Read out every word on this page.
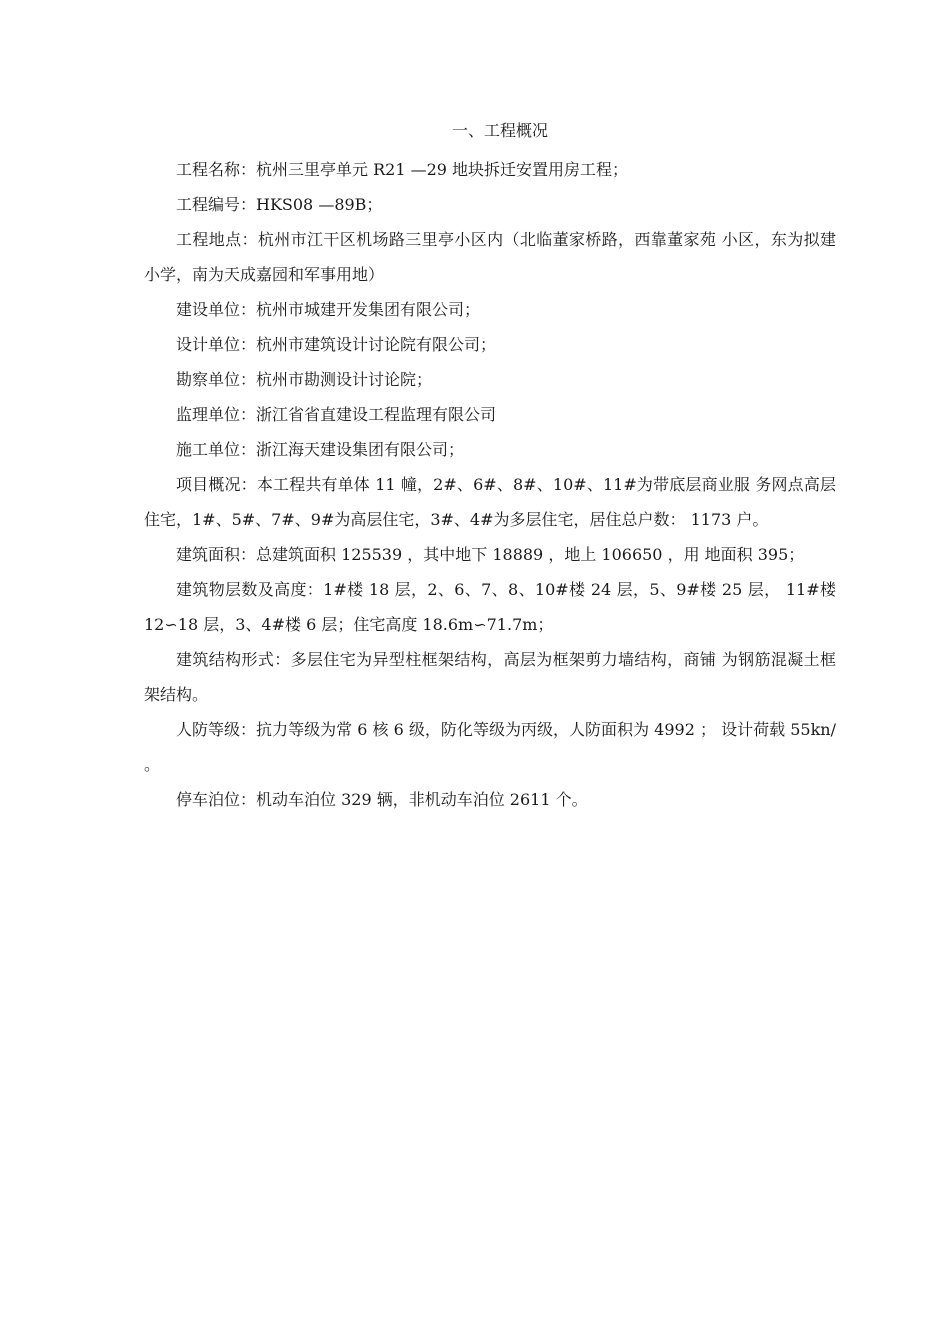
一、工程概况

工程名称：杭州三里亭单元 R21 —29 地块拆迁安置用房工程；

工程编号：HKS08 —89B；

工程地点：杭州市江干区机场路三里亭小区内（北临董家桥路，西靠董家苑 小区，东为拟建小学，南为天成嘉园和军事用地）

建设单位：杭州市城建开发集团有限公司；

设计单位：杭州市建筑设计讨论院有限公司；

勘察单位：杭州市勘测设计讨论院；

监理单位：浙江省省直建设工程监理有限公司

施工单位：浙江海天建设集团有限公司；

项目概况：本工程共有单体 11 幢，2#、6#、8#、10#、11#为带底层商业服 务网点高层住宅，1#、5#、7#、9#为高层住宅，3#、4#为多层住宅，居住总户数： 1173 户。

建筑面积：总建筑面积 125539 ，其中地下 18889 ，地上 106650 ，用 地面积 395；

建筑物层数及高度：1#楼 18 层，2、6、7、8、10#楼 24 层，5、9#楼 25 层， 11#楼 12∽18 层，3、4#楼 6 层；住宅高度 18.6m∽71.7m；

建筑结构形式：多层住宅为异型柱框架结构，高层为框架剪力墙结构，商铺 为钢筋混凝土框架结构。

人防等级：抗力等级为常 6 核 6 级，防化等级为丙级，人防面积为 4992 ； 设计荷载 55kn/ 。

停车泊位：机动车泊位 329 辆，非机动车泊位 2611 个。
